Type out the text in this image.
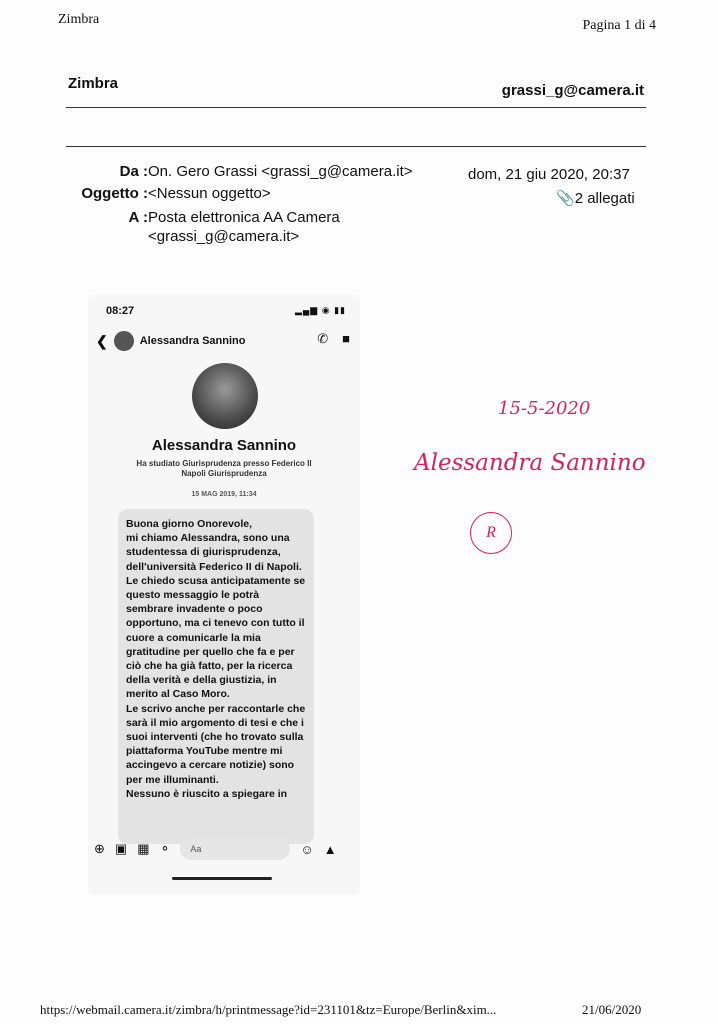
Zimbra	Pagina 1 di 4
Zimbra	grassi_g@camera.it
Da : On. Gero Grassi <grassi_g@camera.it>	dom, 21 giu 2020, 20:37
Oggetto : <Nessun oggetto>	📎2 allegati
A : Posta elettronica AA Camera
<grassi_g@camera.it>
08:27	▂▄▆ ◉ ▮▮
❮	Alessandra Sannino	✆ ■
Alessandra Sannino
Ha studiato Giurisprudenza presso Federico II
Napoli Giurisprudenza
15 MAG 2019, 11:34

Buona giorno Onorevole,
mi chiamo Alessandra, sono una studentessa di giurisprudenza, dell'università Federico II di Napoli.
Le chiedo scusa anticipatamente se questo messaggio le potrà sembrare invadente o poco opportuno, ma ci tenevo con tutto il cuore a comunicarle la mia gratitudine per quello che fa e per ciò che ha già fatto, per la ricerca della verità e della giustizia, in merito al Caso Moro.
Le scrivo anche per raccontarle che sarà il mio argomento di tesi e che i suoi interventi (che ho trovato sulla piattaforma YouTube mentre mi accingevo a cercare notizie) sono per me illuminanti.
Nessuno è riuscito a spiegare in

⊕ ▣ ▦ ⚬	Aa	☺ ▲
15-5-2020
Alessandra Sannino
R
https://webmail.camera.it/zimbra/h/printmessage?id=231101&tz=Europe/Berlin&xim...	21/06/2020
